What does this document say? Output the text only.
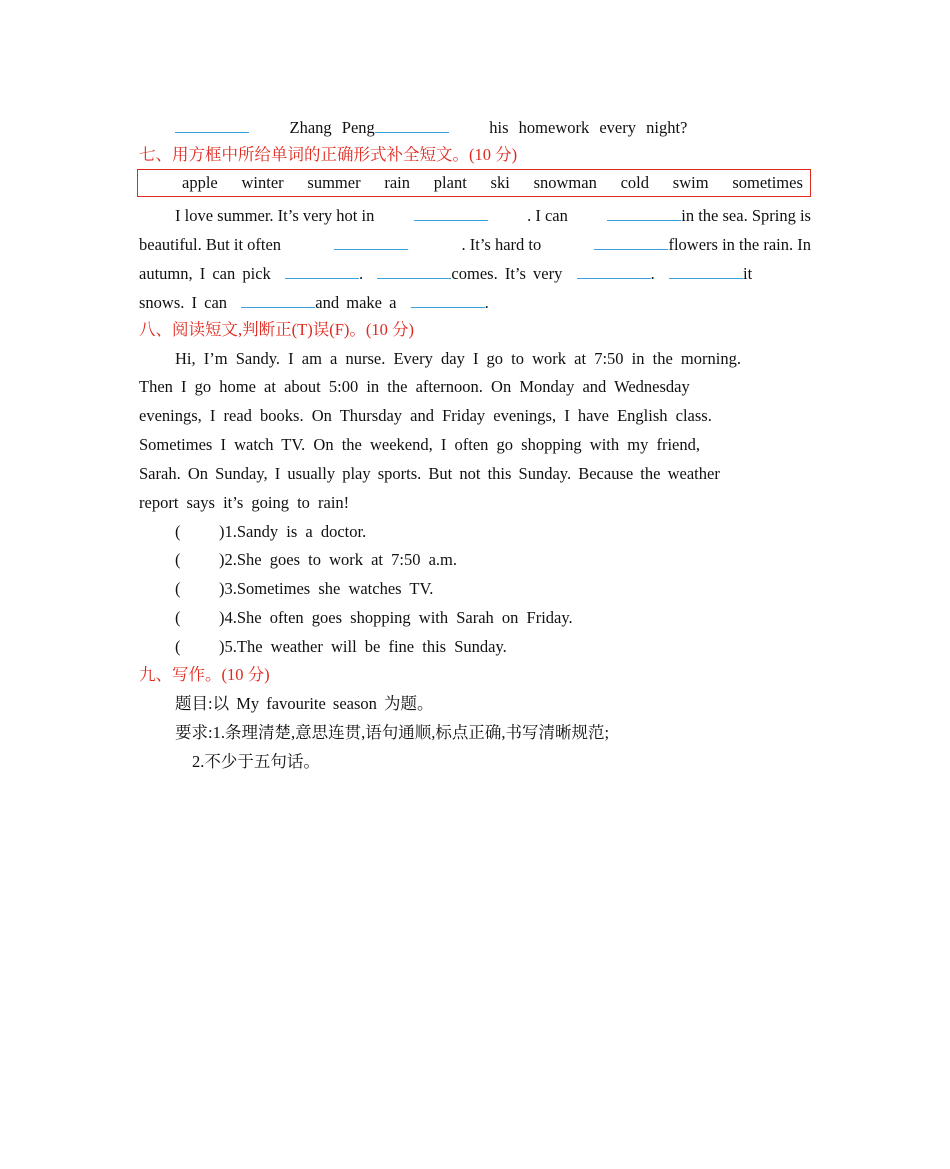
Zhang Peng	his homework every night?
七、用方框中所给单词的正确形式补全短文。(10 分)
apple winter summer rain plant ski snowman cold swim sometimes
I love summer. It’s very hot in	. I can	in the sea. Spring is
beautiful. But it often	. It’s hard to	flowers in the rain. In
autumn, I can pick	.	comes. It’s very	.	it
snows. I can	and make a	.
八、阅读短文,判断正(T)误(F)。(10 分)
Hi, I’m Sandy. I am a nurse. Every day I go to work at 7:50 in the morning.
Then I go home at about 5:00 in the afternoon. On Monday and Wednesday
evenings, I read books. On Thursday and Friday evenings, I have English class.
Sometimes I watch TV. On the weekend, I often go shopping with my friend,
Sarah. On Sunday, I usually play sports. But not this Sunday. Because the weather
report says it’s going to rain!
( )1.Sandy is a doctor.
( )2.She goes to work at 7:50 a.m.
( )3.Sometimes she watches TV.
( )4.She often goes shopping with Sarah on Friday.
( )5.The weather will be fine this Sunday.
九、写作。(10 分)
题目:以 My favourite season 为题。
要求:1.条理清楚,意思连贯,语句通顺,标点正确,书写清晰规范;
2.不少于五句话。
